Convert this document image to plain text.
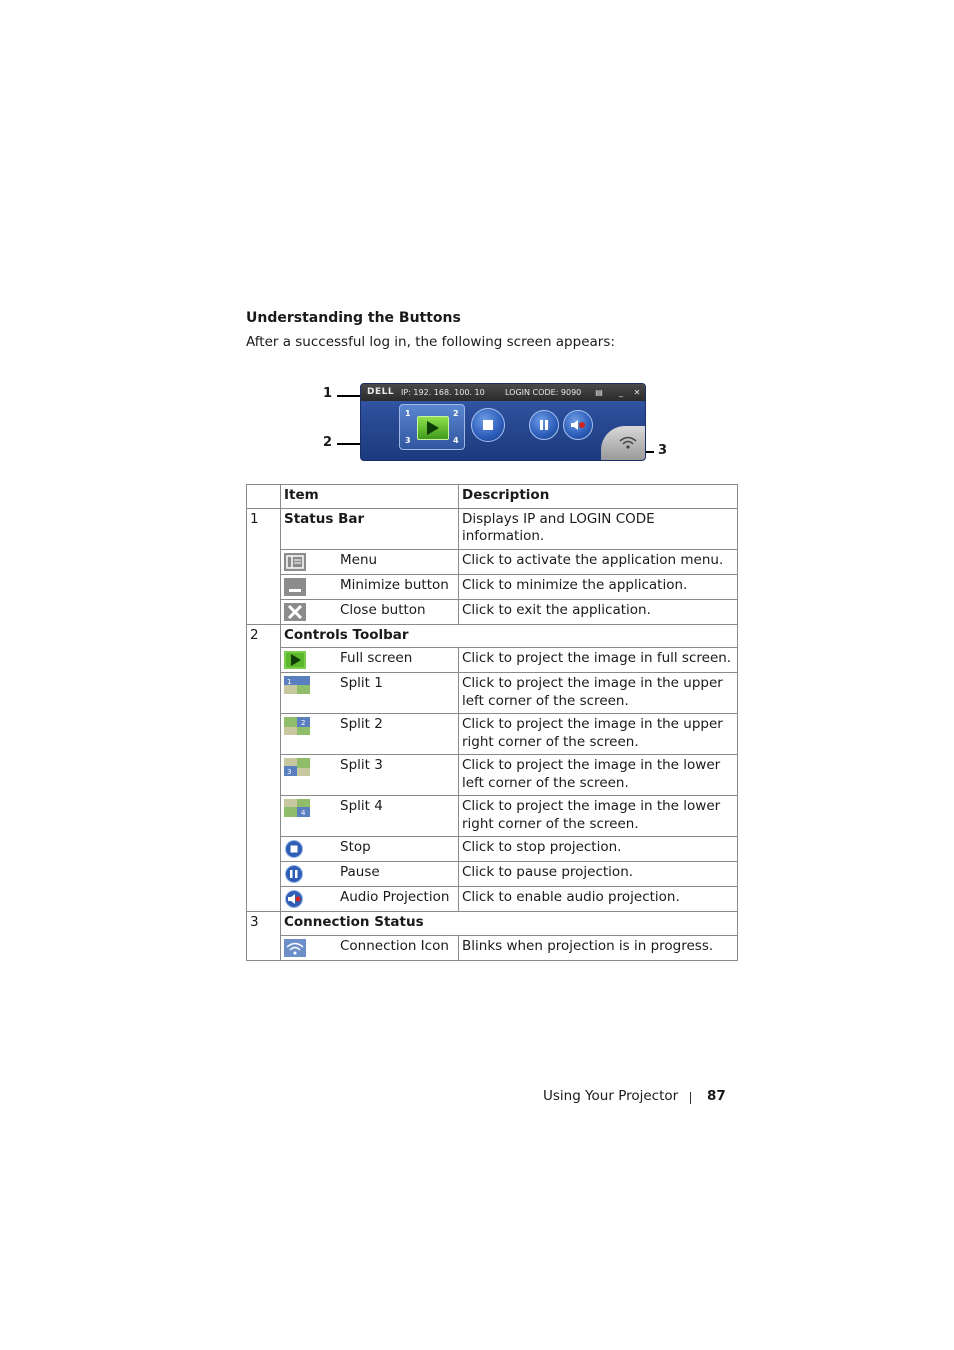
Understanding the Buttons

After a successful log in, the following screen appears:

1
2
3
DELL IP: 192. 168. 100. 10	LOGIN CODE: 9090 ▤	_	✕
1	2
3	4
	Item		Description
1	Status Bar		Displays IP and LOGIN CODE information.

	Menu	Click to activate the application menu.

	Minimize button	Click to minimize the application.

	Close button	Click to exit the application.
2	Controls Toolbar		

	Full screen	Click to project the image in full screen.

1	Split 1	Click to project the image in the upper left corner of the screen.

2	Split 2	Click to project the image in the upper right corner of the screen.

3	Split 3	Click to project the image in the lower left corner of the screen.

4	Split 4	Click to project the image in the lower right corner of the screen.

	Stop	Click to stop projection.

	Pause	Click to pause projection.

	Audio Projection	Click to enable audio projection.
3	Connection Status		

	Connection Icon	Blinks when projection is in progress.
Using Your Projector 87
